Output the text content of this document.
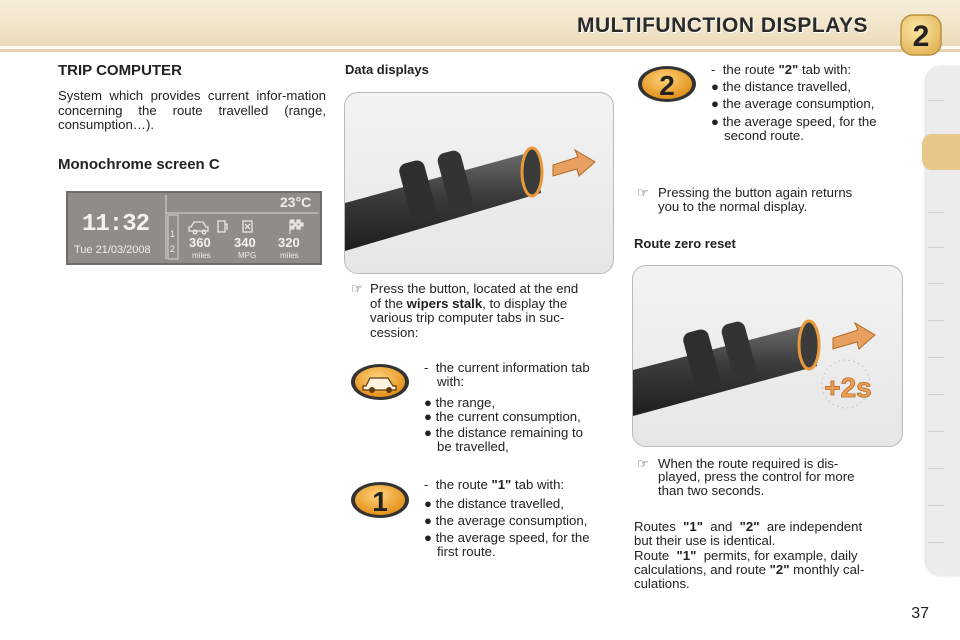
MULTIFUNCTION DISPLAYS 2
TRIP COMPUTER
System which provides current infor-mation concerning the route travelled (range, consumption…).
Monochrome screen C
23°C
11:32
Tue 21/03/2008
1
2 360
miles
340
MPG
320
miles
Data displays
☞ Press the button, located at the end
of the wipers stalk, to display the
various trip computer tabs in suc-
cession:
-  the current information tab
with:
● the range,
● the current consumption,
● the distance remaining to
be travelled,
1
-  the route "1" tab with:
● the distance travelled,
● the average consumption,
● the average speed, for the
first route.
2
-  the route "2" tab with:
● the distance travelled,
● the average consumption,
● the average speed, for the
second route.
☞ Pressing the button again returns
you to the normal display.
Route zero reset
+2s
☞ When the route required is dis-
played, press the control for more
than two seconds.
Routes "1" and "2" are independent
but their use is identical.
Route "1" permits, for example, daily
calculations, and route "2" monthly cal-
culations.
37
